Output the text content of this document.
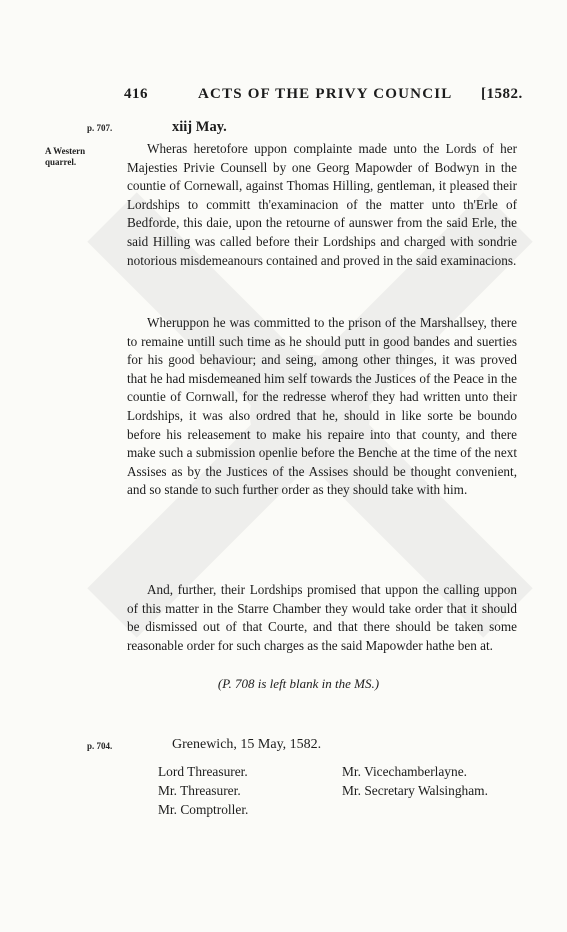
416	ACTS OF THE PRIVY COUNCIL [1582.
p. 707.
A Western quarrel.
xiij May.

Wheras heretofore uppon complainte made unto the Lords of her Majesties Privie Counsell by one Georg Mapowder of Bodwyn in the countie of Cornewall, against Thomas Hilling, gentleman, it pleased their Lordships to committ th'examinacion of the matter unto th'Erle of Bedforde, this daie, upon the retourne of aunswer from the said Erle, the said Hilling was called before their Lordships and charged with sondrie notorious misdemeanours contained and proved in the said examinacions.

Wheruppon he was committed to the prison of the Marshallsey, there to remaine untill such time as he should putt in good bandes and suerties for his good behaviour; and seing, among other thinges, it was proved that he had misdemeaned him self towards the Justices of the Peace in the countie of Cornwall, for the redresse wherof they had written unto their Lordships, it was also ordred that he, should in like sorte be boundo before his releasement to make his repaire into that county, and there make such a submission openlie before the Benche at the time of the next Assises as by the Justices of the Assises should be thought convenient, and so stande to such further order as they should take with him.

And, further, their Lordships promised that uppon the calling uppon of this matter in the Starre Chamber they would take order that it should be dismissed out of that Courte, and that there should be taken some reasonable order for such charges as the said Mapowder hathe ben at.

(P. 708 is left blank in the MS.)
p. 704.	Grenewich, 15 May, 1582.
Lord Threasurer.
Mr. Threasurer.
Mr. Comptroller.
Mr. Vicechamberlayne.
Mr. Secretary Walsingham.
